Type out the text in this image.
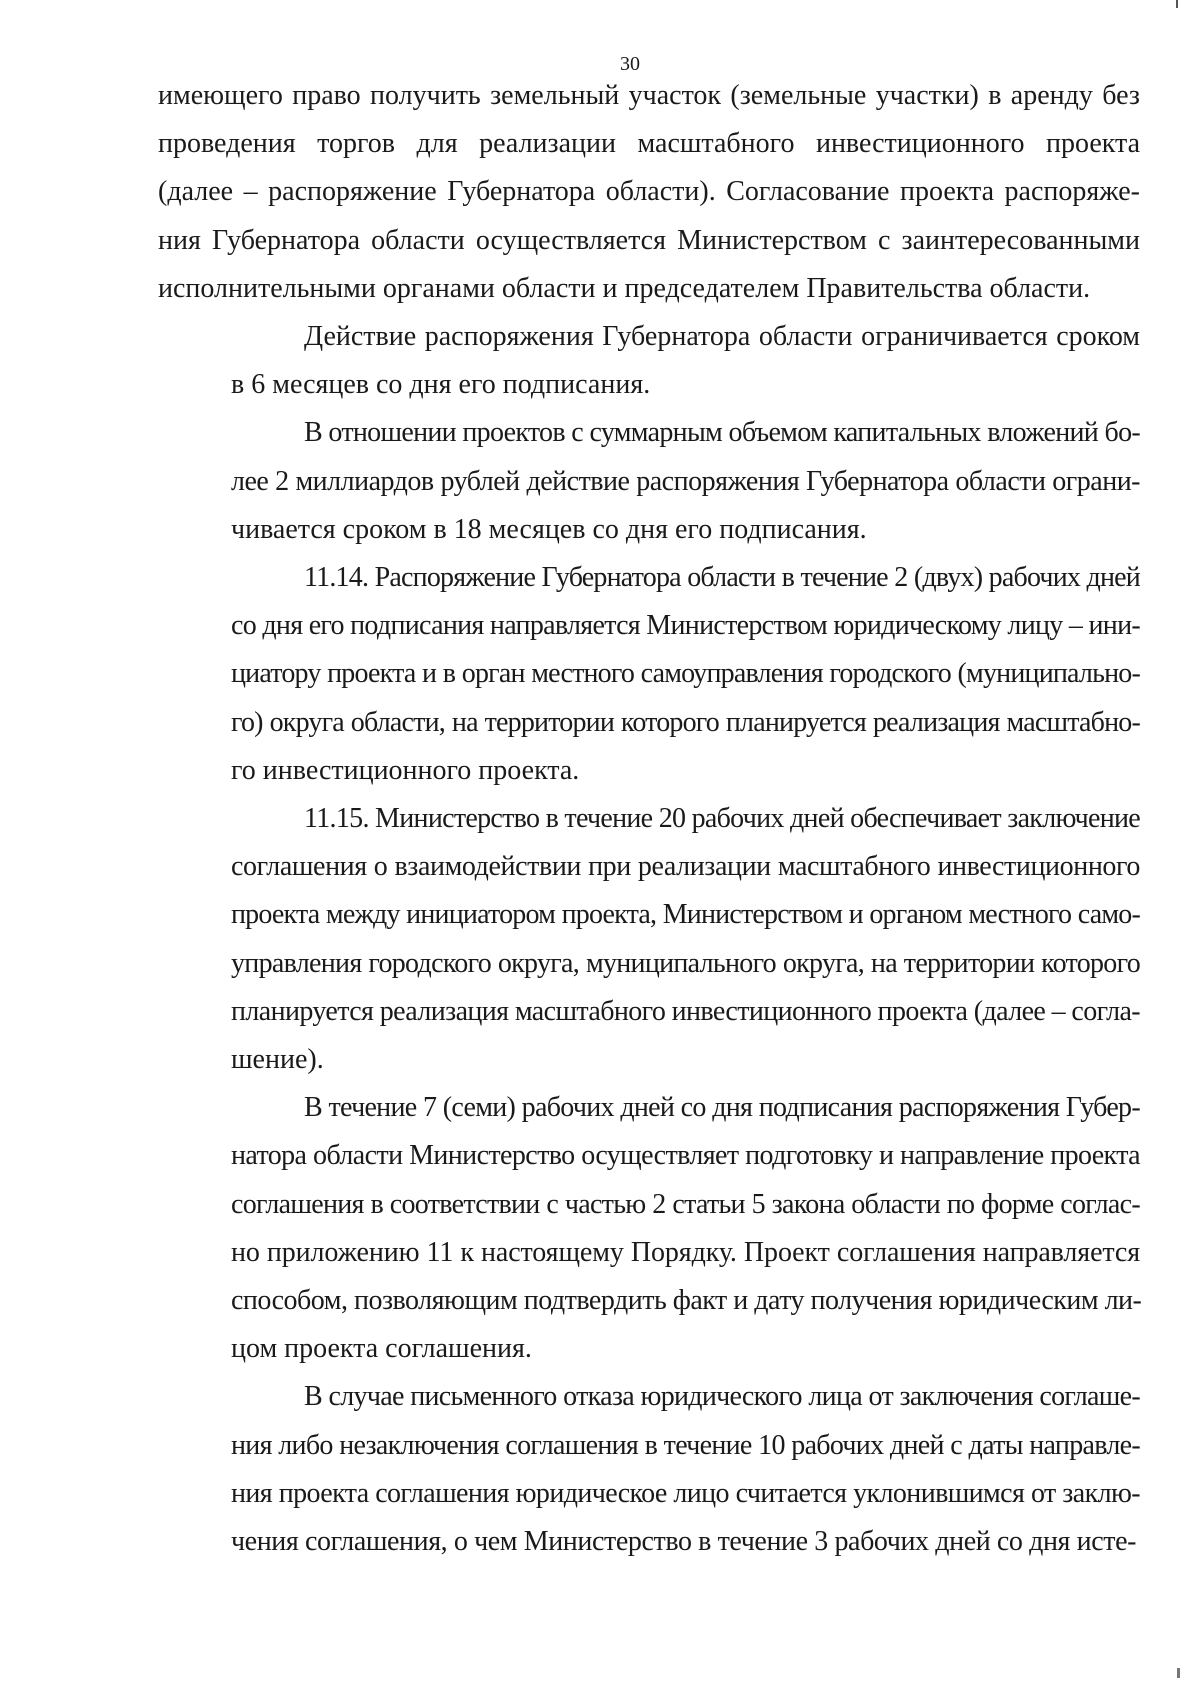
30
имеющего право получить земельный участок (земельные участки) в аренду без
проведения торгов для реализации масштабного инвестиционного проекта
(далее – распоряжение Губернатора области). Согласование проекта распоряже-
ния Губернатора области осуществляется Министерством с заинтересованными
исполнительными органами области и председателем Правительства области.
Действие распоряжения Губернатора области ограничивается сроком
в 6 месяцев со дня его подписания.
В отношении проектов с суммарным объемом капитальных вложений бо-
лее 2 миллиардов рублей действие распоряжения Губернатора области ограни-
чивается сроком в 18 месяцев со дня его подписания.
11.14. Распоряжение Губернатора области в течение 2 (двух) рабочих дней
со дня его подписания направляется Министерством юридическому лицу – ини-
циатору проекта и в орган местного самоуправления городского (муниципально-
го) округа области, на территории которого планируется реализация масштабно-
го инвестиционного проекта.
11.15. Министерство в течение 20 рабочих дней обеспечивает заключение
соглашения о взаимодействии при реализации масштабного инвестиционного
проекта между инициатором проекта, Министерством и органом местного само-
управления городского округа, муниципального округа, на территории которого
планируется реализация масштабного инвестиционного проекта (далее – согла-
шение).
В течение 7 (семи) рабочих дней со дня подписания распоряжения Губер-
натора области Министерство осуществляет подготовку и направление проекта
соглашения в соответствии с частью 2 статьи 5 закона области по форме соглас-
но приложению 11 к настоящему Порядку. Проект соглашения направляется
способом, позволяющим подтвердить факт и дату получения юридическим ли-
цом проекта соглашения.
В случае письменного отказа юридического лица от заключения соглаше-
ния либо незаключения соглашения в течение 10 рабочих дней с даты направле-
ния проекта соглашения юридическое лицо считается уклонившимся от заклю-
чения соглашения, о чем Министерство в течение 3 рабочих дней со дня исте-
